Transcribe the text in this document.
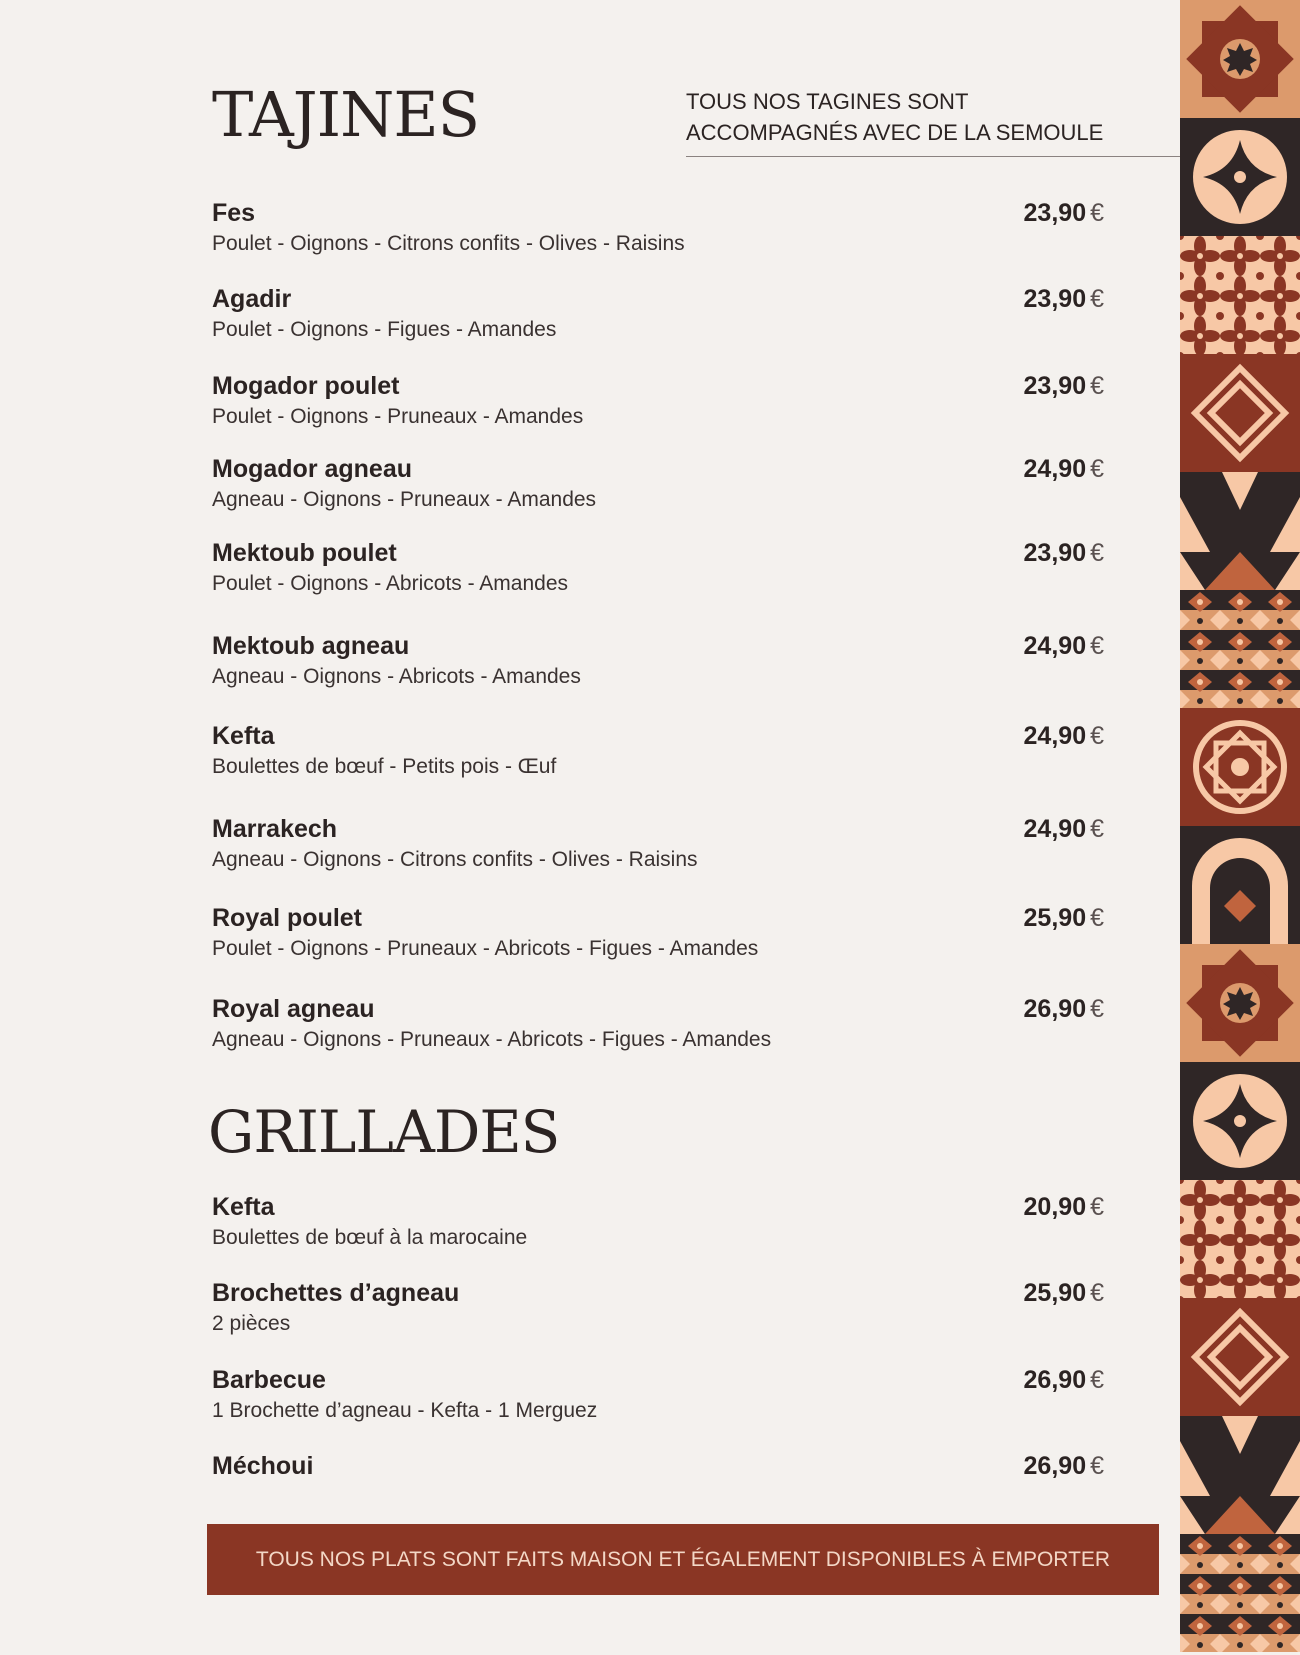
TAJINES	TOUS NOS TAGINES SONT
ACCOMPAGNÉS AVEC DE LA SEMOULE
Fes
Poulet - Oignons - Citrons confits - Olives - Raisins
23,90 €
Agadir
Poulet - Oignons - Figues - Amandes
23,90 €
Mogador poulet
Poulet - Oignons - Pruneaux - Amandes
23,90 €
Mogador agneau
Agneau - Oignons - Pruneaux - Amandes
24,90 €
Mektoub poulet
Poulet - Oignons - Abricots - Amandes
23,90 €
Mektoub agneau
Agneau - Oignons - Abricots - Amandes
24,90 €
Kefta
Boulettes de bœuf - Petits pois - Œuf
24,90 €
Marrakech
Agneau - Oignons - Citrons confits - Olives - Raisins
24,90 €
Royal poulet
Poulet - Oignons - Pruneaux - Abricots - Figues - Amandes
25,90 €
Royal agneau
Agneau - Oignons - Pruneaux - Abricots - Figues - Amandes
26,90 €
GRILLADES
Kefta
Boulettes de bœuf à la marocaine
20,90 €
Brochettes d’agneau
2 pièces
25,90 €
Barbecue
1 Brochette d’agneau - Kefta - 1 Merguez
26,90 €
Méchoui	26,90 €
TOUS NOS PLATS SONT FAITS MAISON ET ÉGALEMENT DISPONIBLES À EMPORTER
